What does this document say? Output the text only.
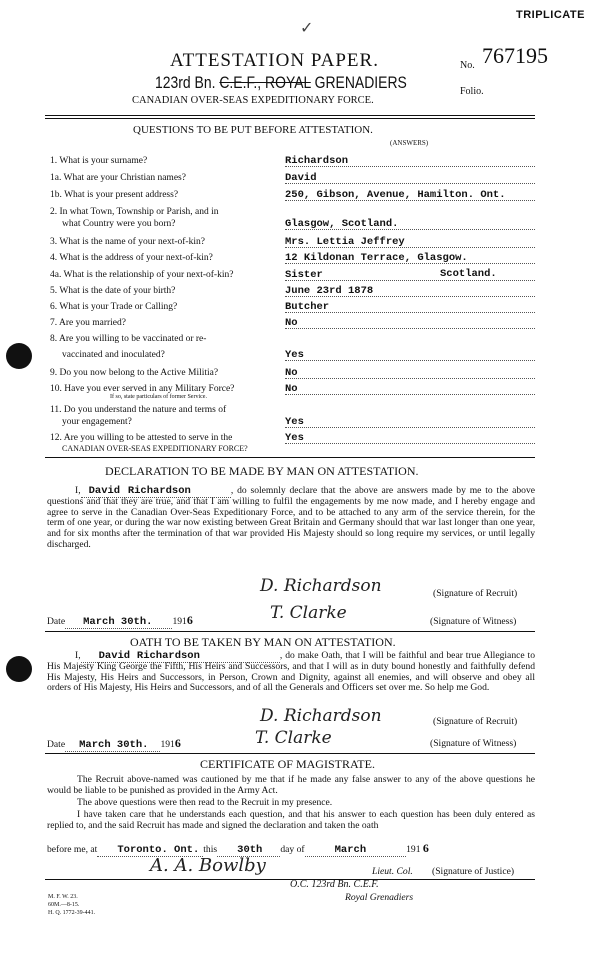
TRIPLICATE
✓
ATTESTATION PAPER.
123rd Bn. C.E.F., ROYAL GRENADIERS
CANADIAN OVER-SEAS EXPEDITIONARY FORCE.
No. 767195
Folio.
QUESTIONS TO BE PUT BEFORE ATTESTATION.
(ANSWERS)
1. What is your surname?	Richardson
1a. What are your Christian names?	David
1b. What is your present address?	250, Gibson, Avenue, Hamilton. Ont.
2. In what Town, Township or Parish, and in
what Country were you born?	Glasgow, Scotland.
3. What is the name of your next-of-kin?	Mrs. Lettia Jeffrey
4. What is the address of your next-of-kin?	12 Kildonan Terrace, Glasgow.
Scotland.
4a. What is the relationship of your next-of-kin?	Sister
5. What is the date of your birth?	June 23rd 1878
6. What is your Trade or Calling?	Butcher
7. Are you married?	No
8. Are you willing to be vaccinated or re-
vaccinated and inoculated?	Yes
9. Do you now belong to the Active Militia?	No
10. Have you ever served in any Military Force?
If so, state particulars of former Service.
No
11. Do you understand the nature and terms of
your engagement?	Yes
12. Are you willing to be attested to serve in the
CANADIAN OVER-SEAS EXPEDITIONARY FORCE?
Yes
DECLARATION TO BE MADE BY MAN ON ATTESTATION.
I, David Richardson	, do solemnly declare that the above are answers made by me to the above questions and that they are true, and that I am willing to fulfil the engagements by me now made, and I hereby engage and agree to serve in the Canadian Over-Seas Expeditionary Force, and to be attached to any arm of the service therein, for the term of one year, or during the war now existing between Great Britain and Germany should that war last longer than one year, and for six months after the termination of that war provided His Majesty should so long require my services, or until legally discharged.
D. Richardson	(Signature of Recruit)
Date March 30th. 1916	T. Clarke	(Signature of Witness)
OATH TO BE TAKEN BY MAN ON ATTESTATION.
I, David Richardson	, do make Oath, that I will be faithful and bear true Allegiance to His Majesty King George the Fifth, His Heirs and Successors, and that I will as in duty bound honestly and faithfully defend His Majesty, His Heirs and Successors, in Person, Crown and Dignity, against all enemies, and will observe and obey all orders of His Majesty, His Heirs and Successors, and of all the Generals and Officers set over me. So help me God.
D. Richardson	(Signature of Recruit)
Date March 30th. 1916	T. Clarke	(Signature of Witness)
CERTIFICATE OF MAGISTRATE.
The Recruit above-named was cautioned by me that if he made any false answer to any of the above questions he would be liable to be punished as provided in the Army Act.
The above questions were then read to the Recruit in my presence.
I have taken care that he understands each question, and that his answer to each question has been duly entered as replied to, and the said Recruit has made and signed the declaration and taken the oath
before me, at Toronto. Ont. this 30th day of	March	191 6
A. A. Bowlby	Lieut. Col. (Signature of Justice)
O.C. 123rd Bn. C.E.F.
Royal Grenadiers
M. F. W. 23.
60M.—8-15.
H. Q. 1772-39-441.
